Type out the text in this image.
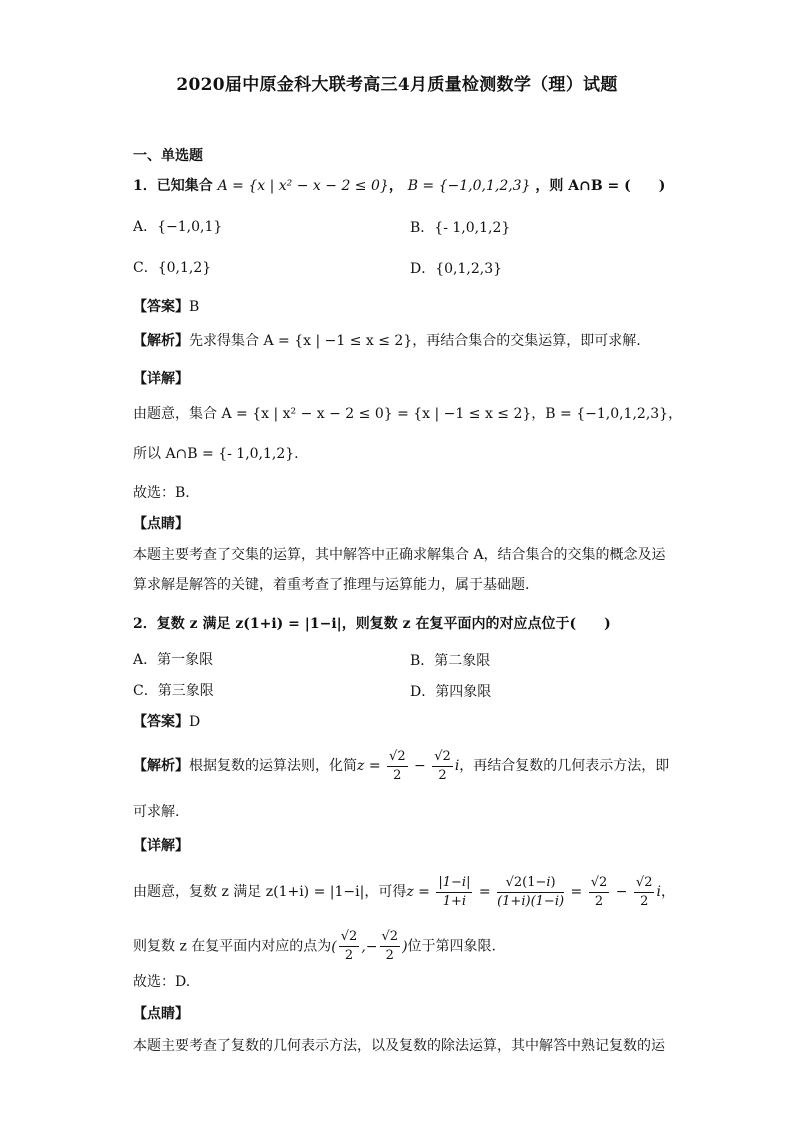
2020届中原金科大联考高三4月质量检测数学（理）试题
一、单选题
1．已知集合 A = {x | x² − x − 2 ≤ 0}， B = {−1,0,1,2,3} ，则 A∩B = (　　)
A．{−1,0,1}	B．{- 1,0,1,2}
C．{0,1,2}	D．{0,1,2,3}
【答案】B
【解析】先求得集合 A = {x | −1 ≤ x ≤ 2}，再结合集合的交集运算，即可求解.
【详解】
由题意，集合 A = {x | x² − x − 2 ≤ 0} = {x | −1 ≤ x ≤ 2}，B = {−1,0,1,2,3}，
所以 A∩B = {- 1,0,1,2}.
故选：B.
【点睛】
本题主要考查了交集的运算，其中解答中正确求解集合 A，结合集合的交集的概念及运
算求解是解答的关键，着重考查了推理与运算能力，属于基础题.
2．复数 z 满足 z(1+i) = |1−i|，则复数 z 在复平面内的对应点位于(　　)
A．第一象限	B．第二象限
C．第三象限	D．第四象限
【答案】D
【解析】根据复数的运算法则，化简$z = \frac{√2}{2} - \frac{√2}{2}$ i，再结合复数的几何表示方法，即
可求解.
【详解】
由题意，复数 z 满足 z(1+i) = |1−i|，可得$z = \frac{|1-i|}{1+i} = \frac{√2(1-i)}{(1+i)(1-i)} = \frac{√2}{2} - \frac{√2}{2}$ i，
则复数 z 在复平面内对应的点为( $\frac{√2}{2}$ ,− $\frac{√2}{2}$ )位于第四象限.
故选：D.
【点睛】
本题主要考查了复数的几何表示方法，以及复数的除法运算，其中解答中熟记复数的运
